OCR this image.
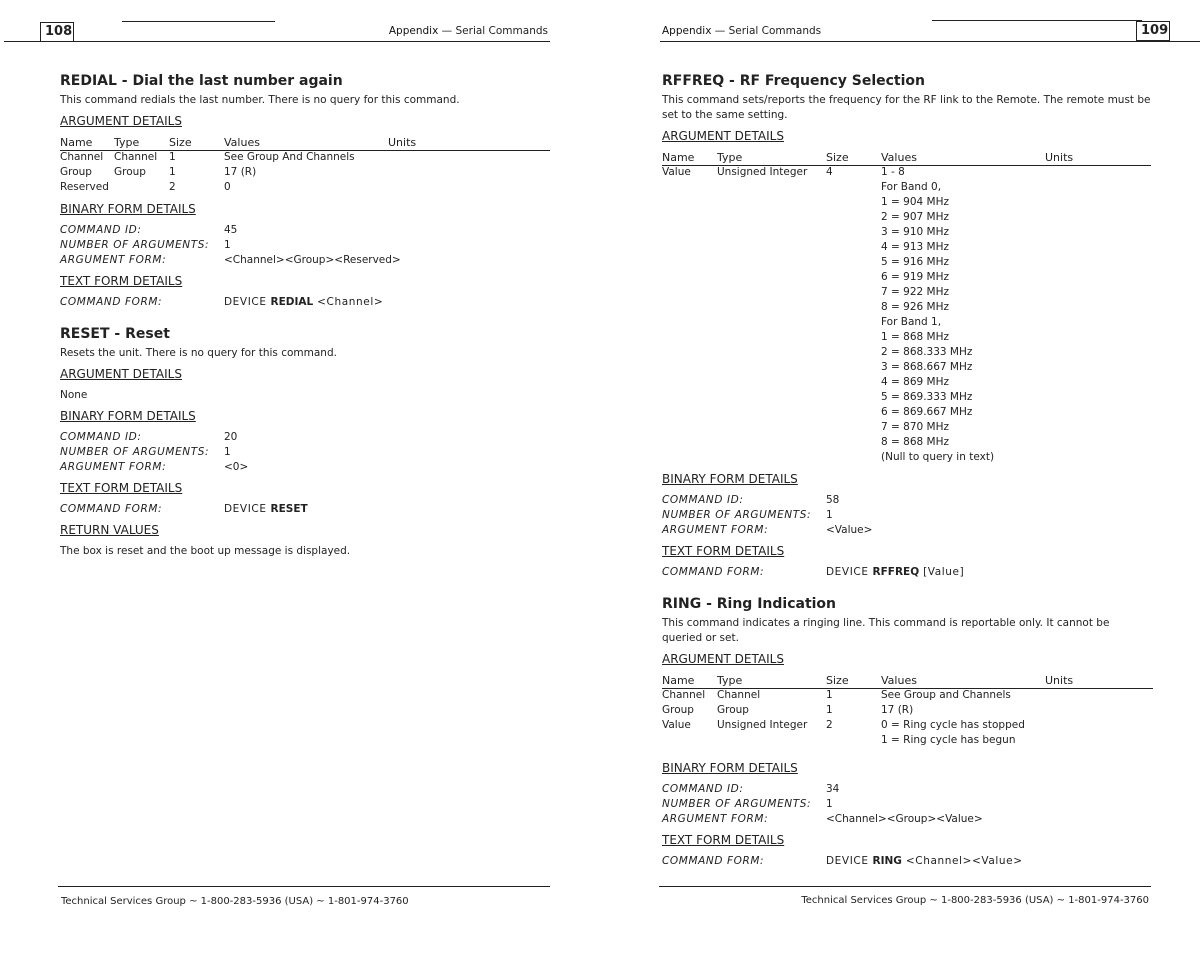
108	Appendix — Serial Commands
REDIAL - Dial the last number again

This command redials the last number. There is no query for this command.

ARGUMENT DETAILS
Name	Type	Size	Values	Units
Channel	Channel	1	See Group And Channels	
Group	Group	1	17 (R)	
Reserved		2	0	
BINARY FORM DETAILS
COMMAND ID:	45
NUMBER OF ARGUMENTS:	1
ARGUMENT FORM:	<Channel><Group><Reserved>
TEXT FORM DETAILS
COMMAND FORM:	DEVICE REDIAL <Channel>
RESET - Reset

Resets the unit. There is no query for this command.

ARGUMENT DETAILS

None

BINARY FORM DETAILS
COMMAND ID:	20
NUMBER OF ARGUMENTS:	1
ARGUMENT FORM:	<0>
TEXT FORM DETAILS
COMMAND FORM:	DEVICE RESET
RETURN VALUES

The box is reset and the boot up message is displayed.

Technical Services Group ~ 1-800-283-5936 (USA) ~ 1-801-974-3760
109
Appendix — Serial Commands
RFFREQ - RF Frequency Selection

This command sets/reports the frequency for the RF link to the Remote. The remote must be set to the same setting.

ARGUMENT DETAILS
Name	Type	Size	Values	Units
Value	Unsigned Integer	4	1 - 8	
			For Band 0,	
			1 = 904 MHz	
			2 = 907 MHz	
			3 = 910 MHz	
			4 = 913 MHz	
			5 = 916 MHz	
			6 = 919 MHz	
			7 = 922 MHz	
			8 = 926 MHz	
			For Band 1,	
			1 = 868 MHz	
			2 = 868.333 MHz	
			3 = 868.667 MHz	
			4 = 869 MHz	
			5 = 869.333 MHz	
			6 = 869.667 MHz	
			7 = 870 MHz	
			8 = 868 MHz	
			(Null to query in text)	
BINARY FORM DETAILS
COMMAND ID:	58
NUMBER OF ARGUMENTS:	1
ARGUMENT FORM:	<Value>
TEXT FORM DETAILS
COMMAND FORM:	DEVICE RFFREQ [Value]
RING - Ring Indication

This command indicates a ringing line. This command is reportable only. It cannot be queried or set.

ARGUMENT DETAILS
Name	Type	Size	Values	Units
Channel	Channel	1	See Group and Channels	
Group	Group	1	17 (R)	
Value	Unsigned Integer	2	0 = Ring cycle has stopped	
			1 = Ring cycle has begun	
BINARY FORM DETAILS
COMMAND ID:	34
NUMBER OF ARGUMENTS:	1
ARGUMENT FORM:	<Channel><Group><Value>
TEXT FORM DETAILS
COMMAND FORM:	DEVICE RING <Channel><Value>
Technical Services Group ~ 1-800-283-5936 (USA) ~ 1-801-974-3760
